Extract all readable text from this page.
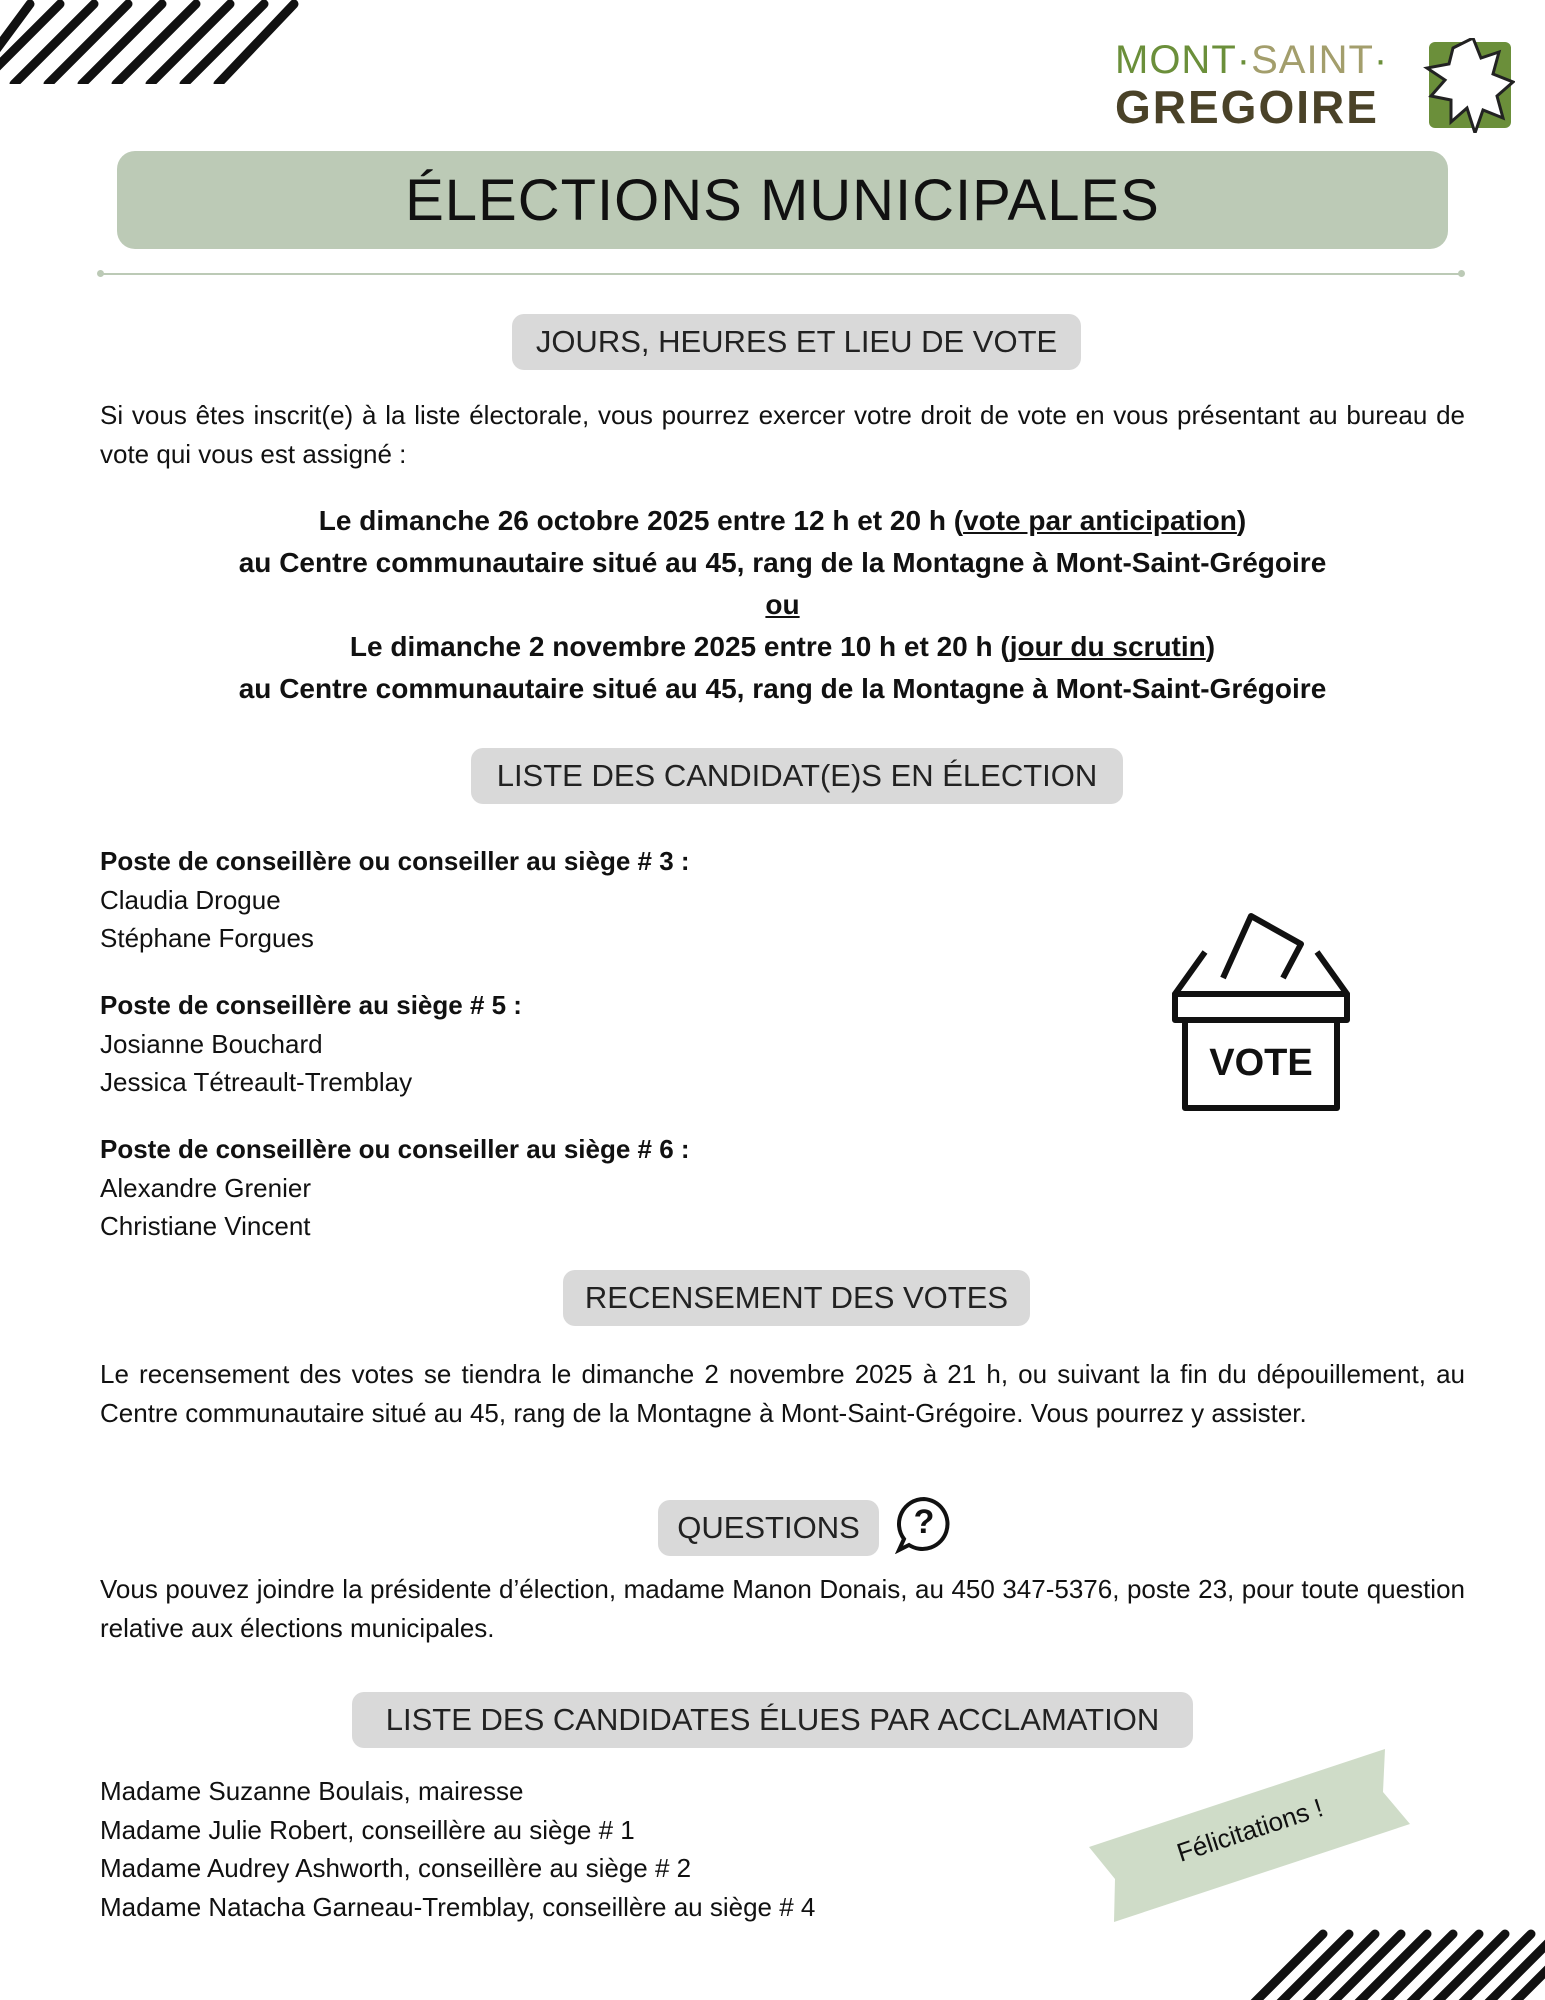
MONT·SAINT·
GREGOIRE
ÉLECTIONS MUNICIPALES
JOURS, HEURES ET LIEU DE VOTE
Si vous êtes inscrit(e) à la liste électorale, vous pourrez exercer votre droit de vote en vous présentant au bureau de vote qui vous est assigné :
Le dimanche 26 octobre 2025 entre 12 h et 20 h (vote par anticipation)
au Centre communautaire situé au 45, rang de la Montagne à Mont-Saint-Grégoire
ou
Le dimanche 2 novembre 2025 entre 10 h et 20 h (jour du scrutin)
au Centre communautaire situé au 45, rang de la Montagne à Mont-Saint-Grégoire
LISTE DES CANDIDAT(E)S EN ÉLECTION
Poste de conseillère ou conseiller au siège # 3 :
Claudia Drogue
Stéphane Forgues
Poste de conseillère au siège # 5 :
Josianne Bouchard
Jessica Tétreault-Tremblay
Poste de conseillère ou conseiller au siège # 6 :
Alexandre Grenier
Christiane Vincent
VOTE
RECENSEMENT DES VOTES
Le recensement des votes se tiendra le dimanche 2 novembre 2025 à 21 h, ou suivant la fin du dépouillement, au Centre communautaire situé au 45, rang de la Montagne à Mont-Saint-Grégoire. Vous pourrez y assister.
QUESTIONS	?
Vous pouvez joindre la présidente d’élection, madame Manon Donais, au 450 347-5376, poste 23, pour toute question relative aux élections municipales.
LISTE DES CANDIDATES ÉLUES PAR ACCLAMATION
Madame Suzanne Boulais, mairesse
Madame Julie Robert, conseillère au siège # 1
Madame Audrey Ashworth, conseillère au siège # 2
Madame Natacha Garneau-Tremblay, conseillère au siège # 4
Félicitations !
